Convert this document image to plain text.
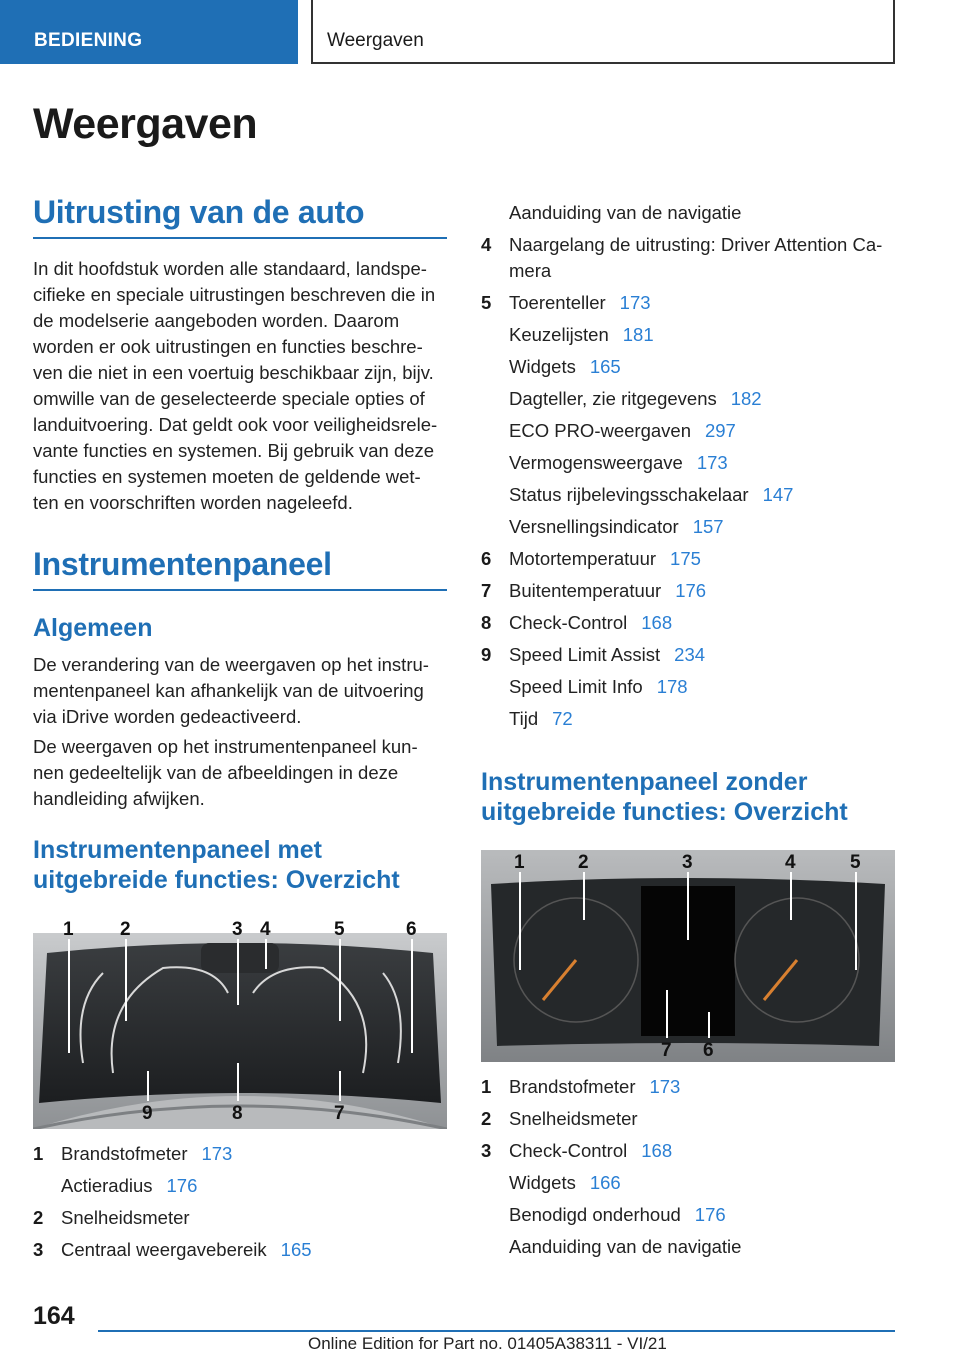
BEDIENING	Weergaven
Weergaven
Uitrusting van de auto
In dit hoofdstuk worden alle standaard, landspe-
cifieke en speciale uitrustingen beschreven die in
de modelserie aangeboden worden. Daarom
worden er ook uitrustingen en functies beschre-
ven die niet in een voertuig beschikbaar zijn, bijv.
omwille van de geselecteerde speciale opties of
landuitvoering. Dat geldt ook voor veiligheidsrele-
vante functies en systemen. Bij gebruik van deze
functies en systemen moeten de geldende wet-
ten en voorschriften worden nageleefd.
Instrumentenpaneel
Algemeen
De verandering van de weergaven op het instru-
mentenpaneel kan afhankelijk van de uitvoering
via iDrive worden gedeactiveerd.
De weergaven op het instrumentenpaneel kun-
nen gedeeltelijk van de afbeeldingen in deze
handleiding afwijken.
Instrumentenpaneel met
uitgebreide functies: Overzicht
1 2	3 4	5	6
9	8	7
1 Brandstofmeter 173
Actieradius 176
2 Snelheidsmeter
3 Centraal weergavebereik 165
Aanduiding van de navigatie
4 Naargelang de uitrusting: Driver Attention Ca-
mera
5 Toerenteller 173
Keuzelijsten 181
Widgets 165
Dagteller, zie ritgegevens 182
ECO PRO-weergaven 297
Vermogensweergave 173
Status rijbelevingsschakelaar 147
Versnellingsindicator 157
6 Motortemperatuur 175
7 Buitentemperatuur 176
8 Check-Control 168
9 Speed Limit Assist 234
Speed Limit Info 178
Tijd 72
Instrumentenpaneel zonder
uitgebreide functies: Overzicht
1	2	3	4	5
7 6
1 Brandstofmeter 173
2 Snelheidsmeter
3 Check-Control 168
Widgets 166
Benodigd onderhoud 176
Aanduiding van de navigatie
164
Online Edition for Part no. 01405A38311 - VI/21
